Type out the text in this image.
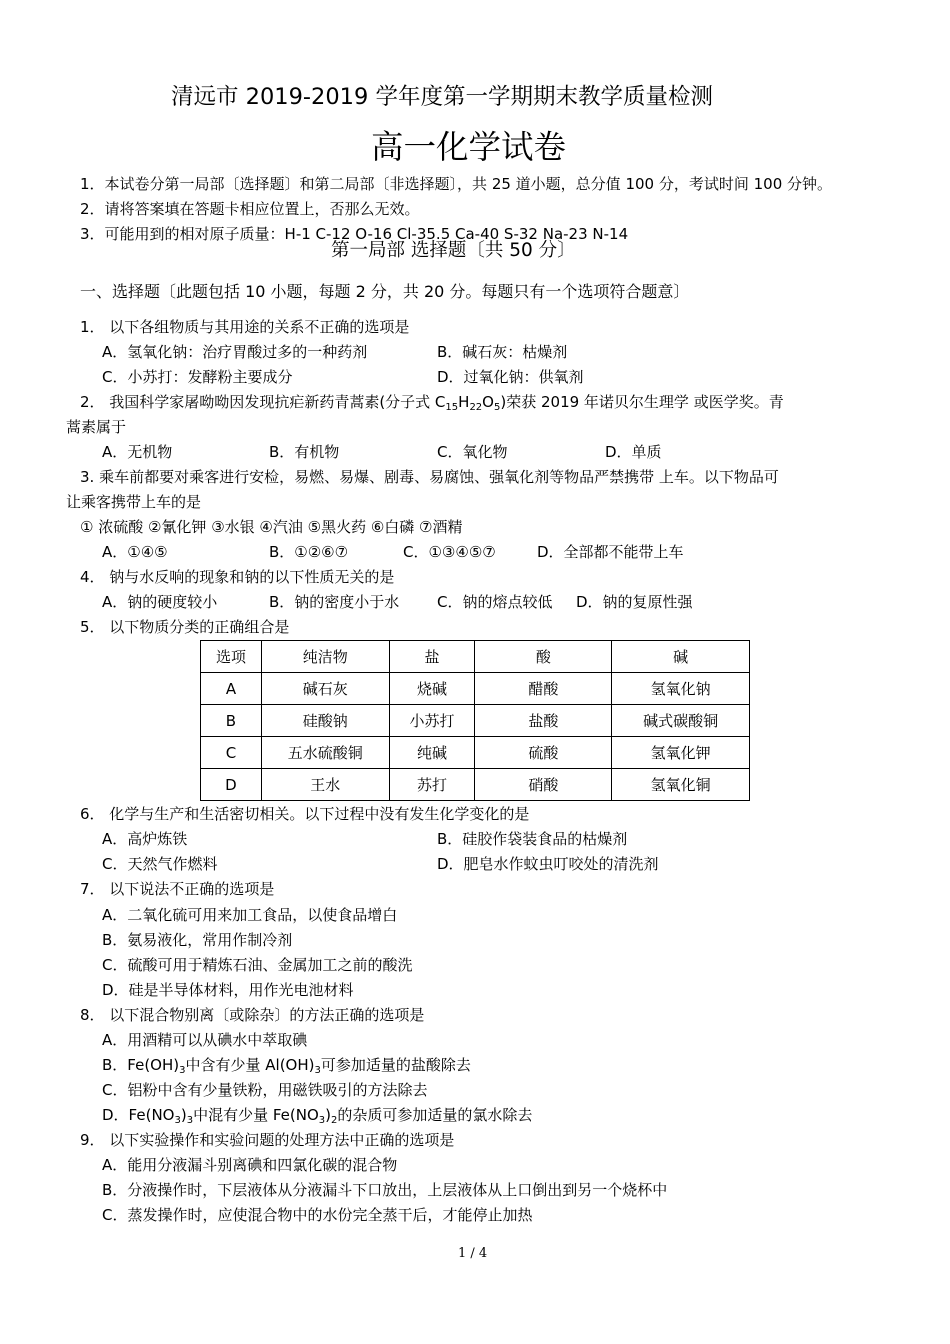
清远市 2019-2019 学年度第一学期期末教学质量检测
高一化学试卷
1．本试卷分第一局部〔选择题〕和第二局部〔非选择题〕，共 25 道小题，总分值 100 分，考试时间 100 分钟。
2．请将答案填在答题卡相应位置上，否那么无效。
3．可能用到的相对原子质量：H-1 C-12 O-16 Cl-35.5 Ca-40 S-32 Na-23 N-14
第一局部 选择题〔共 50 分〕
一、选择题〔此题包括 10 小题，每题 2 分，共 20 分。每题只有一个选项符合题意〕
1． 以下各组物质与其用途的关系不正确的选项是
A．氢氧化钠：治疗胃酸过多的一种药剂	B．碱石灰：枯燥剂
C．小苏打：发酵粉主要成分	D．过氧化钠：供氧剂
2． 我国科学家屠呦呦因发现抗疟新药青蒿素(分子式 $C_{15}H_{22}O_5$)荣获 2019 年诺贝尔生理学 或医学奖。青
蒿素属于
A．无机物	B．有机物	C．氧化物	D．单质
3. 乘车前都要对乘客进行安检，易燃、易爆、剧毒、易腐蚀、强氧化剂等物品严禁携带 上车。以下物品可
让乘客携带上车的是
① 浓硫酸 ②氰化钾 ③水银 ④汽油 ⑤黑火药 ⑥白磷 ⑦酒精
A．①④⑤	B．①②⑥⑦	C．①③④⑤⑦	D．全部都不能带上车
4． 钠与水反响的现象和钠的以下性质无关的是
A．钠的硬度较小	B．钠的密度小于水	C．钠的熔点较低 D．钠的复原性强
5． 以下物质分类的正确组合是
选项	纯洁物	盐	酸	碱
A	碱石灰	烧碱	醋酸	氢氧化钠
B	硅酸钠	小苏打	盐酸	碱式碳酸铜
C	五水硫酸铜	纯碱	硫酸	氢氧化钾
D	王水	苏打	硝酸	氢氧化铜
6． 化学与生产和生活密切相关。以下过程中没有发生化学变化的是
A．高炉炼铁	B．硅胶作袋装食品的枯燥剂
C．天然气作燃料	D．肥皂水作蚊虫叮咬处的清洗剂
7． 以下说法不正确的选项是
A．二氧化硫可用来加工食品，以使食品增白
B．氨易液化，常用作制冷剂
C．硫酸可用于精炼石油、金属加工之前的酸洗
D．硅是半导体材料，用作光电池材料
8． 以下混合物别离〔或除杂〕的方法正确的选项是
A．用酒精可以从碘水中萃取碘
B．$Fe(OH)_3$中含有少量 $Al(OH)_3$可参加适量的盐酸除去
C．铝粉中含有少量铁粉，用磁铁吸引的方法除去
D．$Fe(NO_3)_3$中混有少量 $Fe(NO_3)_2$的杂质可参加适量的氯水除去
9． 以下实验操作和实验问题的处理方法中正确的选项是
A．能用分液漏斗别离碘和四氯化碳的混合物
B．分液操作时，下层液体从分液漏斗下口放出，上层液体从上口倒出到另一个烧杯中
C．蒸发操作时，应使混合物中的水份完全蒸干后，才能停止加热
1 / 4
